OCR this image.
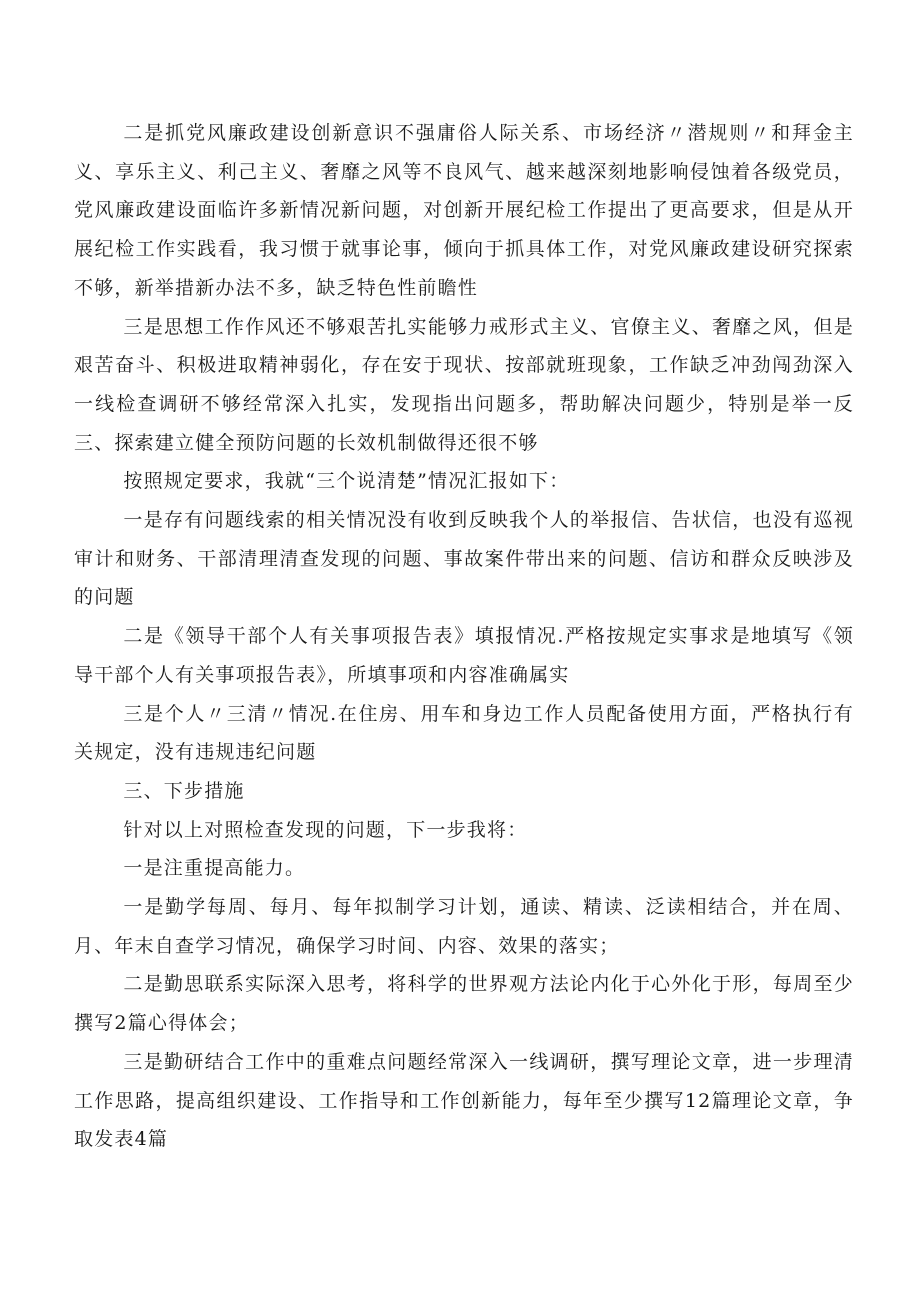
二是抓党风廉政建设创新意识不强庸俗人际关系、市场经济〃潜规则〃和拜金主义、享乐主义、利己主义、奢靡之风等不良风气、越来越深刻地影响侵蚀着各级党员，党风廉政建设面临许多新情况新问题，对创新开展纪检工作提出了更高要求，但是从开展纪检工作实践看，我习惯于就事论事，倾向于抓具体工作，对党风廉政建设研究探索不够，新举措新办法不多，缺乏特色性前瞻性

三是思想工作作风还不够艰苦扎实能够力戒形式主义、官僚主义、奢靡之风，但是艰苦奋斗、积极进取精神弱化，存在安于现状、按部就班现象，工作缺乏冲劲闯劲深入一线检查调研不够经常深入扎实，发现指出问题多，帮助解决问题少，特别是举一反三、探索建立健全预防问题的长效机制做得还很不够

按照规定要求，我就“三个说清楚”情况汇报如下：

一是存有问题线索的相关情况没有收到反映我个人的举报信、告状信，也没有巡视审计和财务、干部清理清查发现的问题、事故案件带出来的问题、信访和群众反映涉及的问题

二是《领导干部个人有关事项报告表》填报情况.严格按规定实事求是地填写《领导干部个人有关事项报告表》，所填事项和内容准确属实

三是个人〃三清〃情况.在住房、用车和身边工作人员配备使用方面，严格执行有关规定，没有违规违纪问题

三、下步措施

针对以上对照检查发现的问题，下一步我将：

一是注重提高能力。

一是勤学每周、每月、每年拟制学习计划，通读、精读、泛读相结合，并在周、月、年末自查学习情况，确保学习时间、内容、效果的落实；

二是勤思联系实际深入思考，将科学的世界观方法论内化于心外化于形，每周至少撰写2篇心得体会；

三是勤研结合工作中的重难点问题经常深入一线调研，撰写理论文章，进一步理清工作思路，提高组织建设、工作指导和工作创新能力，每年至少撰写12篇理论文章，争取发表4篇
